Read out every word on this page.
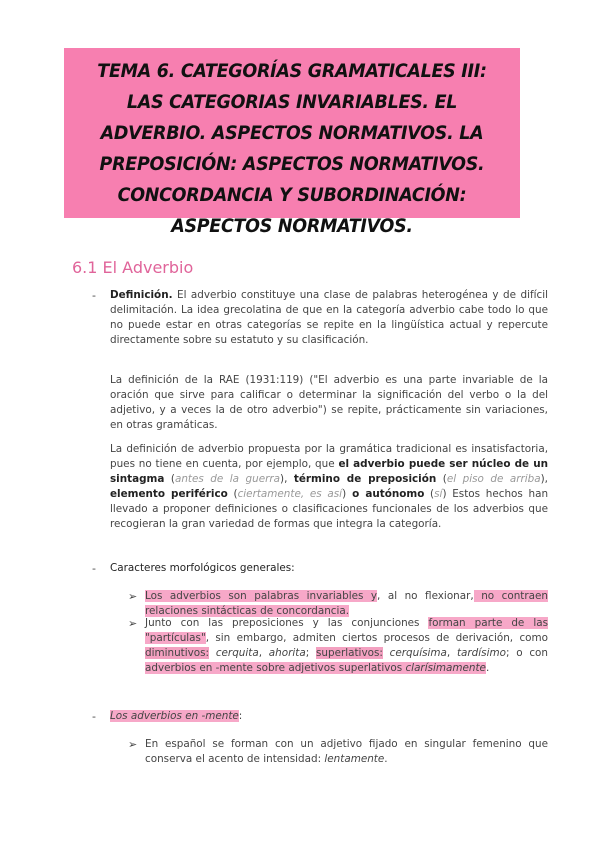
TEMA 6. CATEGORÍAS GRAMATICALES III: LAS CATEGORIAS INVARIABLES. EL ADVERBIO. ASPECTOS NORMATIVOS. LA PREPOSICIÓN: ASPECTOS NORMATIVOS. CONCORDANCIA Y SUBORDINACIÓN: ASPECTOS NORMATIVOS.
6.1 El Adverbio
- Definición. El adverbio constituye una clase de palabras heterogénea y de difícil delimitación. La idea grecolatina de que en la categoría adverbio cabe todo lo que no puede estar en otras categorías se repite en la lingüística actual y repercute directamente sobre su estatuto y su clasificación.
La definición de la RAE (1931:119) ("El adverbio es una parte invariable de la oración que sirve para calificar o determinar la significación del verbo o la del adjetivo, y a veces la de otro adverbio") se repite, prácticamente sin variaciones, en otras gramáticas.
La definición de adverbio propuesta por la gramática tradicional es insatisfactoria, pues no tiene en cuenta, por ejemplo, que el adverbio puede ser núcleo de un sintagma (antes de la guerra), término de preposición (el piso de arriba), elemento periférico (ciertamente, es así) o autónomo (sí) Estos hechos han llevado a proponer definiciones o clasificaciones funcionales de los adverbios que recogieran la gran variedad de formas que integra la categoría.
- Caracteres morfológicos generales:
➢ Los adverbios son palabras invariables y, al no flexionar, no contraen relaciones sintácticas de concordancia.
➢ Junto con las preposiciones y las conjunciones forman parte de las "partículas", sin embargo, admiten ciertos procesos de derivación, como diminutivos: cerquita, ahorita; superlativos: cerquísima, tardísimo; o con adverbios en -mente sobre adjetivos superlativos clarísimamente.
- Los adverbios en -mente:
➢ En español se forman con un adjetivo fijado en singular femenino que conserva el acento de intensidad: lentamente.
